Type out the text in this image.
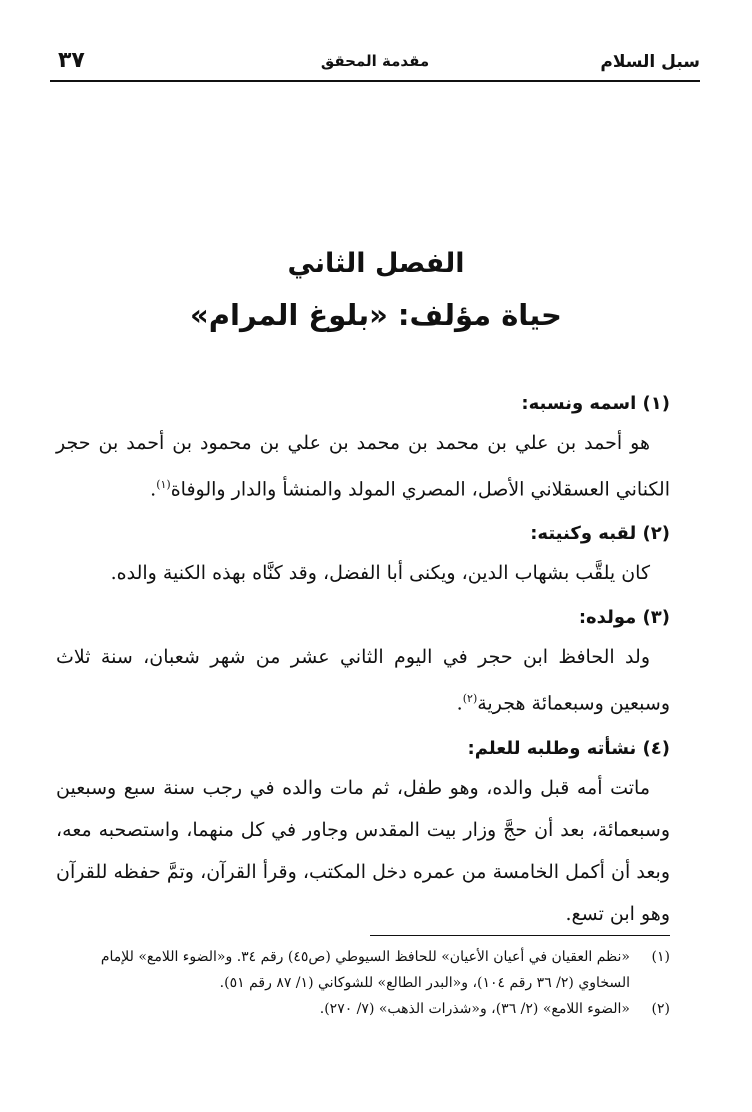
سبل السلام
مقدمة المحقق
٣٧
الفصل الثاني
حياة مؤلف: «بلوغ المرام»
(١) اسمه ونسبه:

هو أحمد بن علي بن محمد بن محمد بن علي بن محمود بن أحمد بن حجر الكناني العسقلاني الأصل، المصري المولد والمنشأ والدار والوفاة$^{(١)}$.

(٢) لقبه وكنيته:

كان يلقَّب بشهاب الدين، ويكنى أبا الفضل، وقد كنَّاه بهذه الكنية والده.

(٣) مولده:

ولد الحافظ ابن حجر في اليوم الثاني عشر من شهر شعبان، سنة ثلاث وسبعين وسبعمائة هجرية$^{(٢)}$.

(٤) نشأته وطلبه للعلم:

ماتت أمه قبل والده، وهو طفل، ثم مات والده في رجب سنة سبع وسبعين وسبعمائة، بعد أن حجَّ وزار بيت المقدس وجاور في كل منهما، واستصحبه معه، وبعد أن أكمل الخامسة من عمره دخل المكتب، وقرأ القرآن، وتمَّ حفظه للقرآن وهو ابن تسع.

(١)
«نظم العقيان في أعيان الأعيان» للحافظ السيوطي (ص٤٥) رقم ٣٤. و«الضوء اللامع» للإمام السخاوي (٢/ ٣٦ رقم ١٠٤)، و«البدر الطالع» للشوكاني (١/ ٨٧ رقم ٥١).

(٢)
«الضوء اللامع» (٢/ ٣٦)، و«شذرات الذهب» (٧/ ٢٧٠).
